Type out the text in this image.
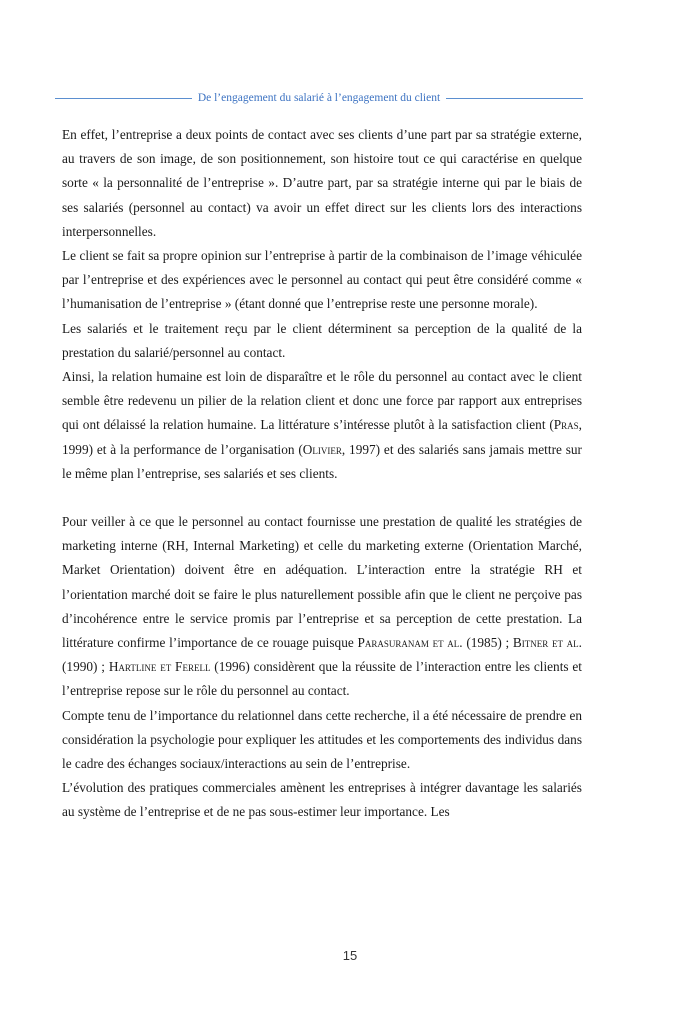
De l’engagement du salarié à l’engagement du client

En effet, l’entreprise a deux points de contact avec ses clients d’une part par sa stratégie externe, au travers de son image, de son positionnement, son histoire tout ce qui caractérise en quelque sorte « la personnalité de l’entreprise ». D’autre part, par sa stratégie interne qui par le biais de ses salariés (personnel au contact) va avoir un effet direct sur les clients lors des interactions interpersonnelles.

Le client se fait sa propre opinion sur l’entreprise à partir de la combinaison de l’image véhiculée par l’entreprise et des expériences avec le personnel au contact qui peut être considéré comme « l’humanisation de l’entreprise » (étant donné que l’entreprise reste une personne morale).

Les salariés et le traitement reçu par le client déterminent sa perception de la qualité de la prestation du salarié/personnel au contact.

Ainsi, la relation humaine est loin de disparaître et le rôle du personnel au contact avec le client semble être redevenu un pilier de la relation client et donc une force par rapport aux entreprises qui ont délaissé la relation humaine. La littérature s’intéresse plutôt à la satisfaction client (Pras, 1999) et à la performance de l’organisation (Olivier, 1997) et des salariés sans jamais mettre sur le même plan l’entreprise, ses salariés et ses clients.

Pour veiller à ce que le personnel au contact fournisse une prestation de qualité les stratégies de marketing interne (RH, Internal Marketing) et celle du marketing externe (Orientation Marché, Market Orientation) doivent être en adéquation. L’interaction entre la stratégie RH et l’orientation marché doit se faire le plus naturellement possible afin que le client ne perçoive pas d’incohérence entre le service promis par l’entreprise et sa perception de cette prestation. La littérature confirme l’importance de ce rouage puisque Parasuranam et al. (1985) ; Bitner et al. (1990) ; Hartline et Ferell (1996) considèrent que la réussite de l’interaction entre les clients et l’entreprise repose sur le rôle du personnel au contact.

Compte tenu de l’importance du relationnel dans cette recherche, il a été nécessaire de prendre en considération la psychologie pour expliquer les attitudes et les comportements des individus dans le cadre des échanges sociaux/interactions au sein de l’entreprise.

L’évolution des pratiques commerciales amènent les entreprises à intégrer davantage les salariés au système de l’entreprise et de ne pas sous-estimer leur importance. Les

15
